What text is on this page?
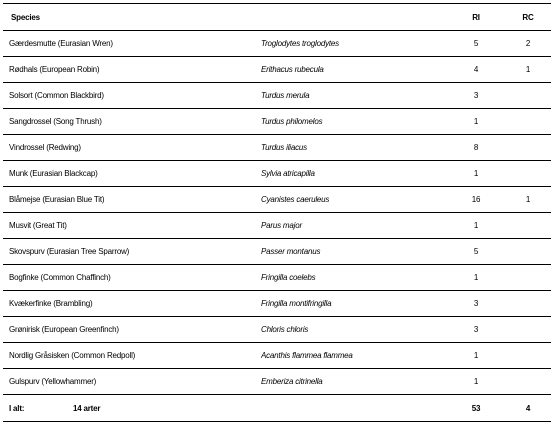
Species		RI	RC
Gærdesmutte (Eurasian Wren)	Troglodytes troglodytes	5	2
Rødhals (European Robin)	Erithacus rubecula	4	1
Solsort (Common Blackbird)	Turdus merula	3	
Sangdrossel (Song Thrush)	Turdus philomelos	1	
Vindrossel (Redwing)	Turdus iliacus	8	
Munk (Eurasian Blackcap)	Sylvia atricapilla	1	
Blåmejse (Eurasian Blue Tit)	Cyanistes caeruleus	16	1
Musvit (Great Tit)	Parus major	1	
Skovspurv (Eurasian Tree Sparrow)	Passer montanus	5	
Bogfinke (Common Chaffinch)	Fringilla coelebs	1	
Kvækerfinke (Brambling)	Fringilla montifringilla	3	
Grønirisk (European Greenfinch)	Chloris chloris	3	
Nordlig Gråsisken (Common Redpoll)	Acanthis flammea flammea	1	
Gulspurv (Yellowhammer)	Emberiza citrinella	1	
I alt: 14 arter		53	4
